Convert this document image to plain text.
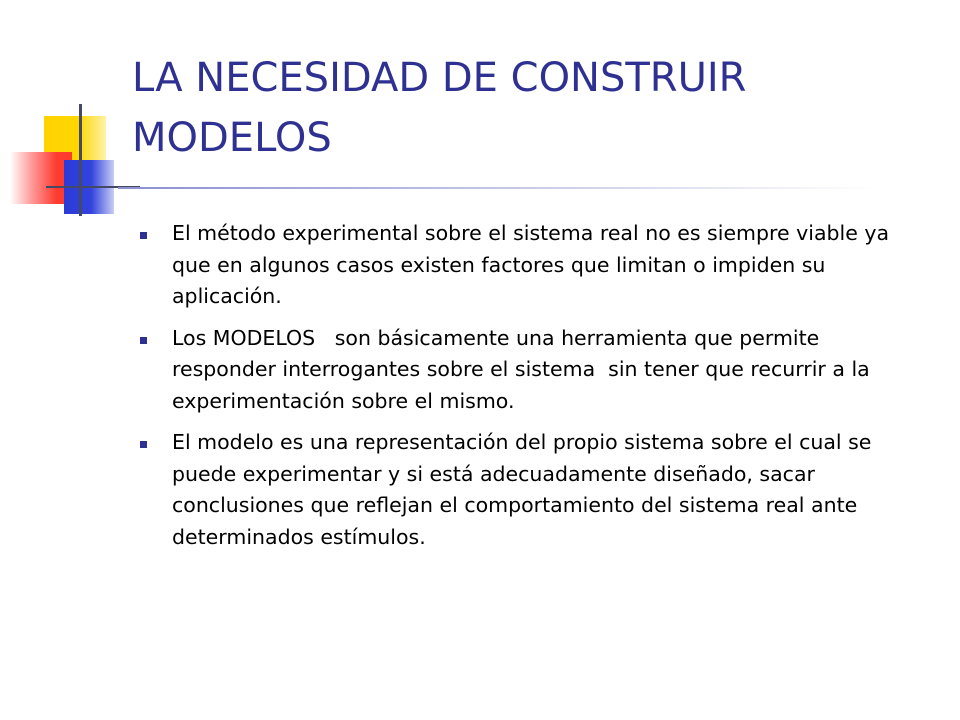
LA NECESIDAD DE CONSTRUIR MODELOS
El método experimental sobre el sistema real no es siempre viable ya que en algunos casos existen factores que limitan o impiden su aplicación.
Los MODELOS   son básicamente una herramienta que permite responder interrogantes sobre el sistema  sin tener que recurrir a la experimentación sobre el mismo.
El modelo es una representación del propio sistema sobre el cual se puede experimentar y si está adecuadamente diseñado, sacar conclusiones que reflejan el comportamiento del sistema real ante determinados estímulos.
